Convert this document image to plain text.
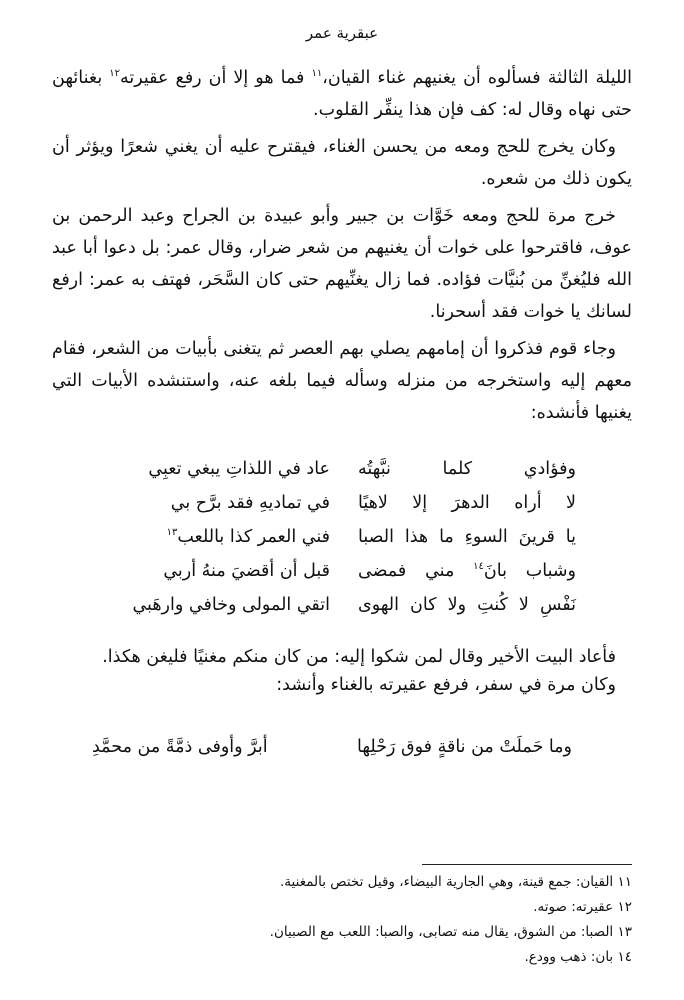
عبقرية عمر

الليلة الثالثة فسألوه أن يغنيهم غناء القيان،$^{١١}$ فما هو إلا أن رفع عقيرته$^{١٢}$ بغنائهن حتى نهاه وقال له: كف فإن هذا ينفِّر القلوب.

وكان يخرج للحج ومعه من يحسن الغناء، فيقترح عليه أن يغني شعرًا ويؤثر أن يكون ذلك من شعره.

خرج مرة للحج ومعه خَوَّات بن جبير وأبو عبيدة بن الجراح وعبد الرحمن بن عوف، فاقترحوا على خوات أن يغنيهم من شعر ضرار، وقال عمر: بل دعوا أبا عبد الله فليُغنِّ من بُنيَّات فؤاده. فما زال يغنِّيهم حتى كان السَّحَر، فهتف به عمر: ارفع لسانك يا خوات فقد أسحرنا.

وجاء قوم فذكروا أن إمامهم يصلي بهم العصر ثم يتغنى بأبيات من الشعر، فقام معهم إليه واستخرجه من منزله وسأله فيما بلغه عنه، واستنشده الأبيات التي يغنيها فأنشده:

وفؤادي كلما نبَّهتُه
عاد في اللذاتِ يبغي تعبِي
لا أراه الدهرَ إلا لاهيًا
في تماديهِ فقد برَّح بي
يا قرينَ السوءِ ما هذا الصبا
فني العمر كذا باللعب$^{١٣}$
وشباب بانَ$^{١٤}$ مني فمضى
قبل أن أقضيَ منهُ أربي
نَفْسِ لا كُنتِ ولا كان الهوى
اتقي المولى وخافي وارهَبي

فأعاد البيت الأخير وقال لمن شكوا إليه: من كان منكم مغنيًا فليغن هكذا.

وكان مرة في سفر، فرفع عقيرته بالغناء وأنشد:

وما حَملَتْ من ناقةٍ فوق رَحْلِها
أبرَّ وأوفى ذمَّةً من محمَّدِ
١١ القيان: جمع قينة، وهي الجارية البيضاء، وقيل تختص بالمغنية.
١٢ عقيرته: صوته.
١٣ الصبا: من الشوق، يقال منه تصابى، والصبا: اللعب مع الصبيان.
١٤ بان: ذهب وودع.
